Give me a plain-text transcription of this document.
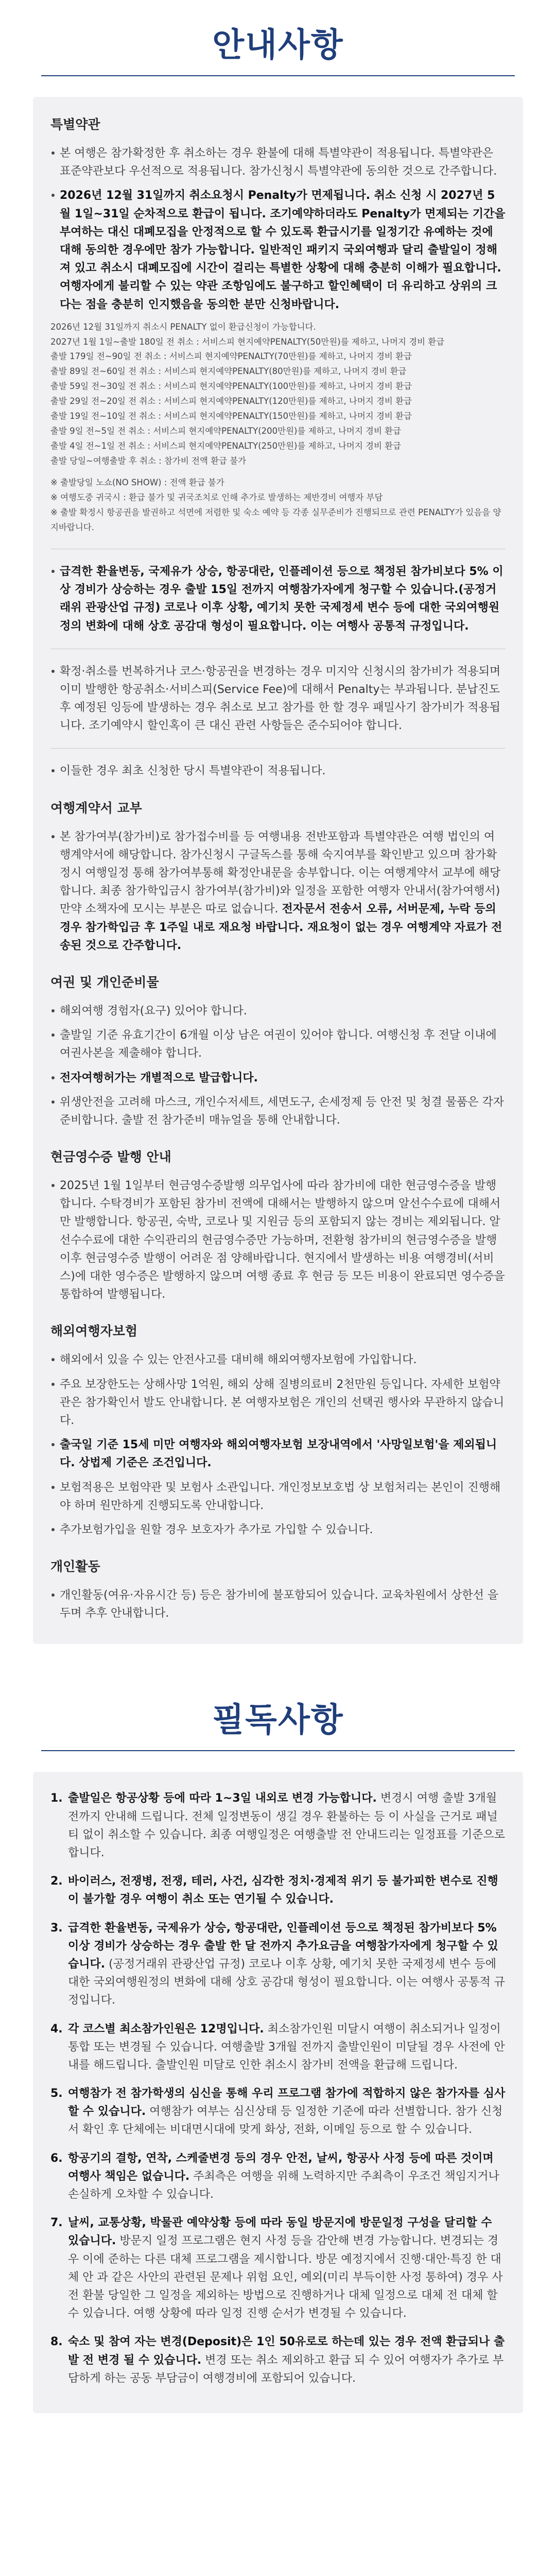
안내사항
특별약관
본 여행은 참가확정한 후 취소하는 경우 환불에 대해 특별약관이 적용됩니다. 특별약관은 표준약관보다 우선적으로 적용됩니다. 참가신청시 특별약관에 동의한 것으로 간주합니다.
2026년 12월 31일까지 취소요청시 Penalty가 면제됩니다. 취소 신청 시 2027년 5월 1일~31일 순차적으로 환급이 됩니다. 조기예약하더라도 Penalty가 면제되는 기간을 부여하는 대신 대폐모집을 안정적으로 할 수 있도록 환급시기를 일정기간 유예하는 것에 대해 동의한 경우에만 참가 가능합니다. 일반적인 패키지 국외여행과 달리 출발일이 정해져 있고 취소시 대폐모집에 시간이 걸리는 특별한 상황에 대해 충분히 이해가 필요합니다. 여행자에게 불리할 수 있는 약관 조항임에도 불구하고 할인혜택이 더 유리하고 상위의 크다는 점을 충분히 인지했음을 동의한 분만 신청바랍니다.

2026년 12월 31일까지 취소시 PENALTY 없이 환급신청이 가능합니다.

2027년 1월 1일~출발 180일 전 취소 : 서비스피 현지예약PENALTY(50만원)를 제하고, 나머지 경비 환급

출발 179일 전~90일 전 취소 : 서비스피 현지예약PENALTY(70만원)를 제하고, 나머지 경비 환급

출발 89일 전~60일 전 취소 : 서비스피 현지예약PENALTY(80만원)를 제하고, 나머지 경비 환급

출발 59일 전~30일 전 취소 : 서비스피 현지예약PENALTY(100만원)를 제하고, 나머지 경비 환급

출발 29일 전~20일 전 취소 : 서비스피 현지예약PENALTY(120만원)를 제하고, 나머지 경비 환급

출발 19일 전~10일 전 취소 : 서비스피 현지예약PENALTY(150만원)를 제하고, 나머지 경비 환급

출발 9일 전~5일 전 취소 : 서비스피 현지예약PENALTY(200만원)를 제하고, 나머지 경비 환급

출발 4일 전~1일 전 취소 : 서비스피 현지예약PENALTY(250만원)를 제하고, 나머지 경비 환급

출발 당일~여행출발 후 취소 : 참가비 전액 환급 불가

※ 출발당일 노쇼(NO SHOW) : 전액 환급 불가

※ 여행도중 귀국시 : 환급 불가 및 귀국조치로 인해 추가로 발생하는 제반경비 여행자 부담

※ 출발 확정시 항공권을 발권하고 석면에 저렴한 및 숙소 예약 등 각종 실무준비가 진행되므로 관련 PENALTY가 있음을 양지바랍니다.

급격한 환율변동, 국제유가 상승, 항공대란, 인플레이션 등으로 책정된 참가비보다 5% 이상 경비가 상승하는 경우 출발 15일 전까지 여행참가자에게 청구할 수 있습니다.(공정거래위 관광산업 규정) 코로나 이후 상황, 예기치 못한 국제정세 변수 등에 대한 국외여행원정의 변화에 대해 상호 공감대 형성이 필요합니다. 이는 여행사 공통적 규정입니다.
확정·취소를 번복하거나 코스·항공권을 변경하는 경우 미지악 신청시의 참가비가 적용되며 이미 발행한 항공취소·서비스피(Service Fee)에 대해서 Penalty는 부과됩니다. 분납진도 후 예정된 잉등에 발생하는 경우 취소로 보고 참가를 한 할 경우 패밀사기 참가비가 적용됩니다. 조기예약시 할인혹이 큰 대신 관련 사항들은 준수되어야 합니다.
이들한 경우 최초 신청한 당시 특별약관이 적용됩니다.
여행계약서 교부
본 참가여부(참가비)로 참가접수비를 등 여행내용 전반포함과 특별약관은 여행 법인의 여행계약서에 해당합니다. 참가신청시 구글독스를 통해 숙지여부를 확인받고 있으며 참가확정시 여행일정 통해 참가여부통해 확정안내문을 송부합니다. 이는 여행계약서 교부에 해당합니다. 최종 참가학입금시 참가여부(참가비)와 일정을 포함한 여행자 안내서(참가여행서) 만약 소책자에 모시는 부분은 따로 없습니다. 전자문서 전송서 오류, 서버문제, 누락 등의 경우 참가학입금 후 1주일 내로 재요청 바랍니다. 재요청이 없는 경우 여행계약 자료가 전송된 것으로 간주합니다.
여권 및 개인준비물
해외여행 경험자(요구) 있어야 합니다.
출발일 기준 유효기간이 6개월 이상 남은 여권이 있어야 합니다. 여행신청 후 전달 이내에 여권사본을 제출해야 합니다.
전자여행허가는 개별적으로 발급합니다.
위생안전을 고려해 마스크, 개인수저세트, 세면도구, 손세정제 등 안전 및 청결 물품은 각자 준비합니다. 출발 전 참가준비 매뉴얼을 통해 안내합니다.
현금영수증 발행 안내
2025년 1월 1일부터 현금영수증발행 의무업사에 따라 참가비에 대한 현금영수증을 발행합니다. 수탁경비가 포함된 참가비 전액에 대해서는 발행하지 않으며 알선수수료에 대해서만 발행합니다. 항공권, 숙박, 코로나 및 지원금 등의 포함되지 않는 경비는 제외됩니다. 알선수수료에 대한 수익관리의 현금영수증만 가능하며, 전환형 참가비의 현금영수증을 발행 이후 현금영수증 발행이 어려운 점 양해바랍니다. 현지에서 발생하는 비용 여행경비(서비스)에 대한 영수증은 발행하지 않으며 여행 종료 후 현금 등 모든 비용이 완료되면 영수증을 통합하여 발행됩니다.
해외여행자보험
해외에서 있을 수 있는 안전사고를 대비해 해외여행자보험에 가입합니다.
주요 보장한도는 상해사망 1억원, 해외 상해 질병의료비 2천만원 등입니다. 자세한 보험약관은 참가확인서 발도 안내합니다. 본 여행자보험은 개인의 선택권 행사와 무관하지 않습니다.
출국일 기준 15세 미만 여행자와 해외여행자보험 보장내역에서 '사망일보험'을 제외됩니다. 상법제 기준은 조건입니다.
보험적용은 보험약관 및 보험사 소관입니다. 개인정보보호법 상 보험처리는 본인이 진행해야 하며 원만하게 진행되도록 안내합니다.
추가보험가입을 원할 경우 보호자가 추가로 가입할 수 있습니다.
개인활동
개인활동(여유·자유시간 등) 등은 참가비에 불포함되어 있습니다. 교육차원에서 상한선 을 두며 추후 안내합니다.
필독사항
1. 출발일은 항공상황 등에 따라 1~3일 내외로 변경 가능합니다. 변경시 여행 출발 3개월 전까지 안내해 드립니다. 전체 일정변동이 생길 경우 환불하는 등 이 사실을 근거로 패널티 없이 취소할 수 있습니다. 최종 여행일정은 여행출발 전 안내드리는 일정표를 기준으로 합니다.
2. 바이러스, 전쟁병, 전쟁, 테러, 사건, 심각한 정치·경제적 위기 등 불가피한 변수로 진행이 불가할 경우 여행이 취소 또는 연기될 수 있습니다.
3. 급격한 환율변동, 국제유가 상승, 항공대란, 인플레이션 등으로 책정된 참가비보다 5% 이상 경비가 상승하는 경우 출발 한 달 전까지 추가요금을 여행참가자에게 청구할 수 있습니다. (공정거래위 관광산업 규정) 코로나 이후 상황, 예기치 못한 국제정세 변수 등에 대한 국외여행원정의 변화에 대해 상호 공감대 형성이 필요합니다. 이는 여행사 공통적 규정입니다.
4. 각 코스별 최소참가인원은 12명입니다. 최소참가인원 미달시 여행이 취소되거나 일정이 통합 또는 변경될 수 있습니다. 여행출발 3개월 전까지 출발인원이 미달될 경우 사전에 안내를 해드립니다. 출발인원 미달로 인한 취소시 참가비 전액을 환급해 드립니다.
5. 여행참가 전 참가학생의 심신을 통해 우리 프로그램 참가에 적합하지 않은 참가자를 심사할 수 있습니다. 여행참가 여부는 심신상태 등 일정한 기준에 따라 선별합니다. 참가 신청서 확인 후 단체에는 비대면시대에 맞게 화상, 전화, 이메일 등으로 할 수 있습니다.
6. 항공기의 결항, 연착, 스케줄변경 등의 경우 안전, 날씨, 항공사 사정 등에 따른 것이며 여행사 책임은 없습니다. 주최측은 여행을 위해 노력하지만 주최측이 우조건 책임지거나 손실하게 오차할 수 있습니다.
7. 날씨, 교통상황, 박물관 예약상황 등에 따라 동일 방문지에 방문일정 구성을 달리할 수 있습니다. 방문지 일정 프로그램은 현지 사정 등을 감안해 변경 가능합니다. 변경되는 경우 이에 준하는 다른 대체 프로그램을 제시합니다. 방문 예정지에서 진행·대안·특징 한 대체 안 과 같은 사안의 관련된 문제나 위험 요인, 예외(미리 부득이한 사정 통하여) 경우 사전 환불 당일한 그 일정을 제외하는 방법으로 진행하거나 대체 일정으로 대체 전 대체 할 수 있습니다. 여행 상황에 따라 일정 진행 순서가 변경될 수 있습니다.
8. 숙소 및 참여 자는 변경(Deposit)은 1인 50유로로 하는데 있는 경우 전액 환급되나 출발 전 변경 될 수 있습니다. 변경 또는 취소 제외하고 환급 되 수 있어 여행자가 추가로 부담하게 하는 공동 부담금이 여행경비에 포함되어 있습니다.
